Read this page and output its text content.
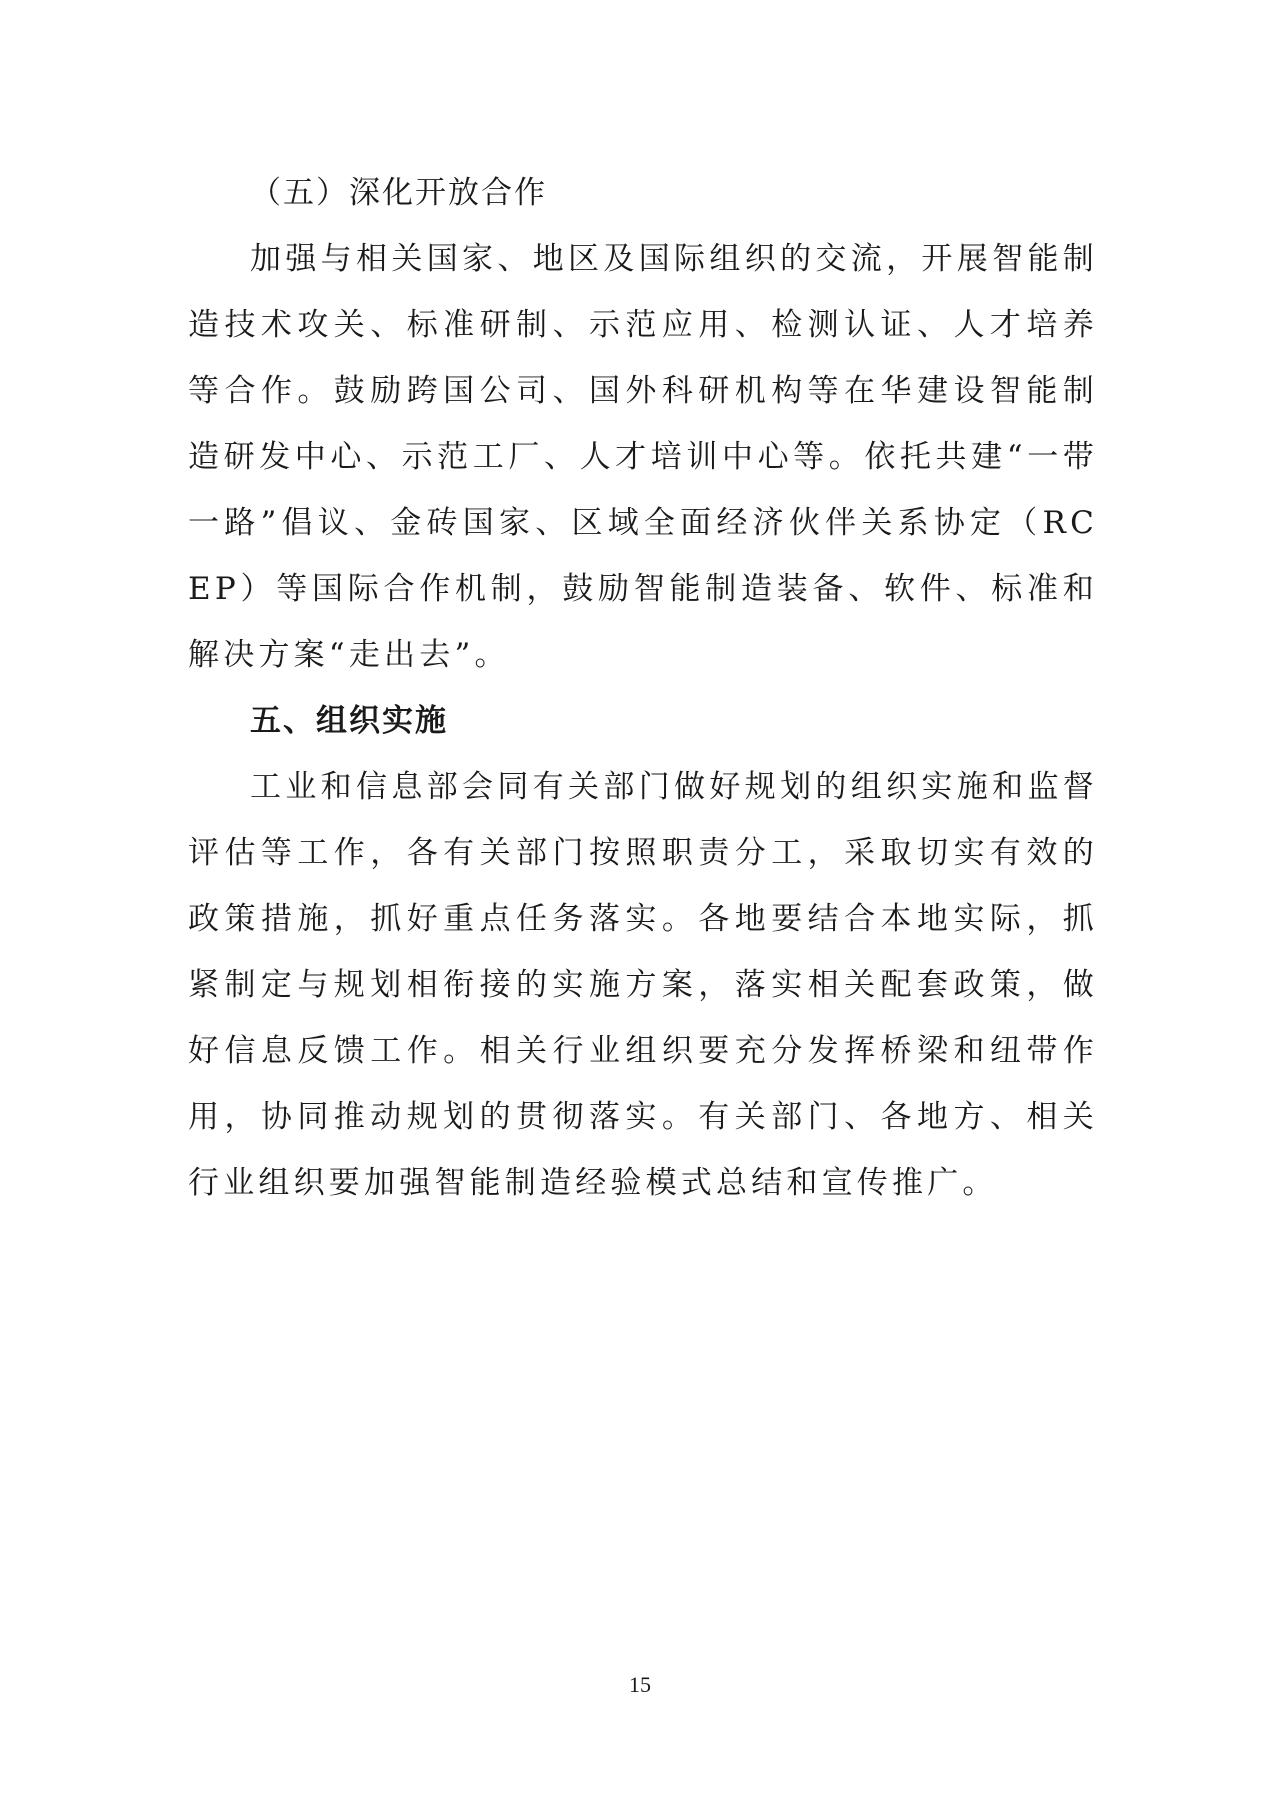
（五）深化开放合作

加强与相关国家、地区及国际组织的交流，开展智能制造技术攻关、标准研制、示范应用、检测认证、人才培养等合作。鼓励跨国公司、国外科研机构等在华建设智能制造研发中心、示范工厂、人才培训中心等。依托共建“一带一路”倡议、金砖国家、区域全面经济伙伴关系协定（RCEP）等国际合作机制，鼓励智能制造装备、软件、标准和解决方案“走出去”。

五、组织实施

工业和信息部会同有关部门做好规划的组织实施和监督评估等工作，各有关部门按照职责分工，采取切实有效的政策措施，抓好重点任务落实。各地要结合本地实际，抓紧制定与规划相衔接的实施方案，落实相关配套政策，做好信息反馈工作。相关行业组织要充分发挥桥梁和纽带作用，协同推动规划的贯彻落实。有关部门、各地方、相关行业组织要加强智能制造经验模式总结和宣传推广。

15
